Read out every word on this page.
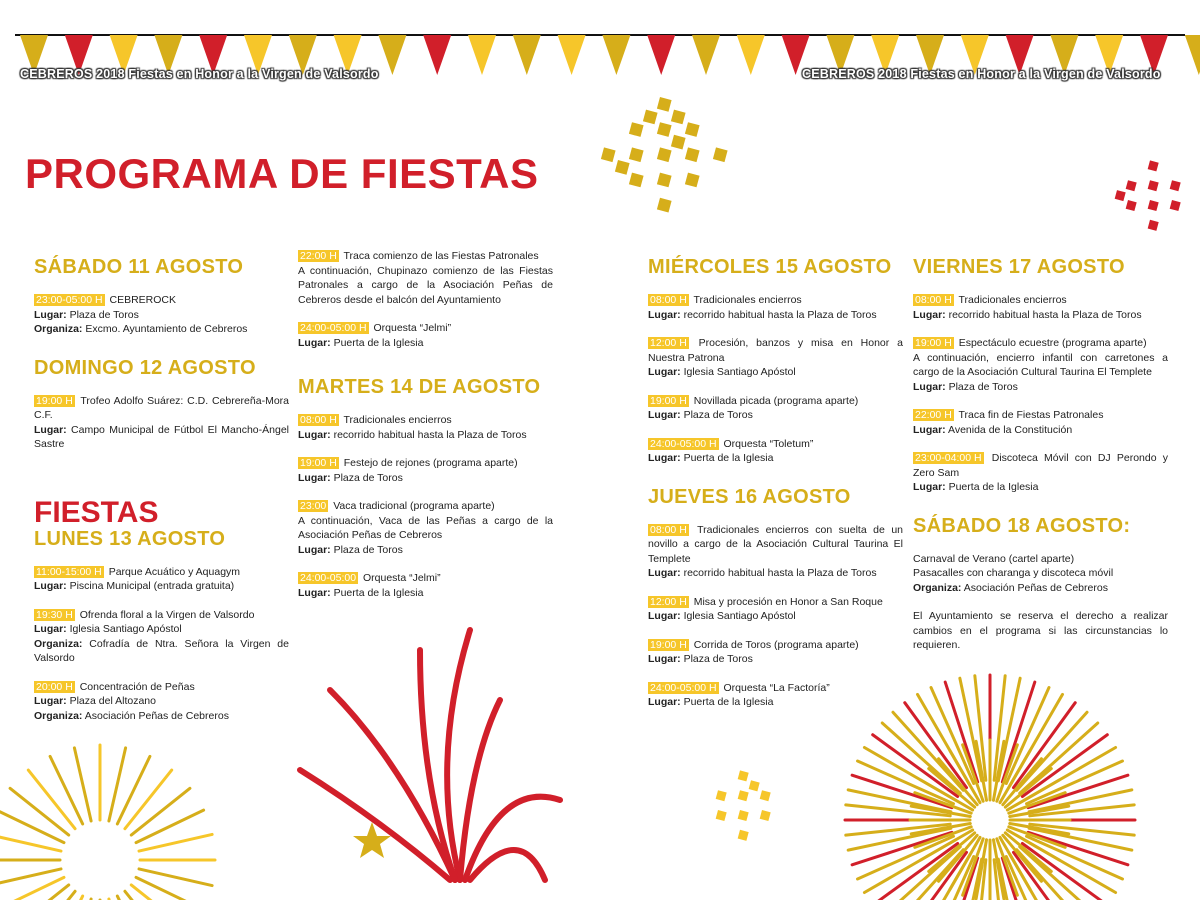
CEBREROS 2018 Fiestas en Honor a la Virgen de Valsordo	CEBREROS 2018 Fiestas en Honor a la Virgen de Valsordo
PROGRAMA DE FIESTAS
SÁBADO 11 AGOSTO
23:00-05:00 H CEBREROCK
Lugar: Plaza de Toros
Organiza: Excmo. Ayuntamiento de Cebreros
DOMINGO 12 AGOSTO
19:00 H Trofeo Adolfo Suárez: C.D. Cebrereña-Mora C.F.
Lugar: Campo Municipal de Fútbol El Mancho-Ángel Sastre
FIESTAS
LUNES 13 AGOSTO
11:00-15:00 H Parque Acuático y Aquagym
Lugar: Piscina Municipal (entrada gratuita)
19:30 H Ofrenda floral a la Virgen de Valsordo
Lugar: Iglesia Santiago Apóstol
Organiza: Cofradía de Ntra. Señora la Virgen de Valsordo
20:00 H Concentración de Peñas
Lugar: Plaza del Altozano
Organiza: Asociación Peñas de Cebreros
22:00 H Traca comienzo de las Fiestas Patronales
A continuación, Chupinazo comienzo de las Fiestas Patronales a cargo de la Asociación Peñas de Cebreros desde el balcón del Ayuntamiento
24:00-05:00 H Orquesta “Jelmi”
Lugar: Puerta de la Iglesia
MARTES 14 DE AGOSTO
08:00 H Tradicionales encierros
Lugar: recorrido habitual hasta la Plaza de Toros
19:00 H Festejo de rejones (programa aparte)
Lugar: Plaza de Toros
23:00 Vaca tradicional (programa aparte)
A continuación, Vaca de las Peñas a cargo de la Asociación Peñas de Cebreros
Lugar: Plaza de Toros
24:00-05:00 Orquesta “Jelmi”
Lugar: Puerta de la Iglesia
MIÉRCOLES 15 AGOSTO
08:00 H Tradicionales encierros
Lugar: recorrido habitual hasta la Plaza de Toros
12:00 H Procesión, banzos y misa en Honor a Nuestra Patrona
Lugar: Iglesia Santiago Apóstol
19:00 H Novillada picada (programa aparte)
Lugar: Plaza de Toros
24:00-05:00 H Orquesta “Toletum”
Lugar: Puerta de la Iglesia
JUEVES 16 AGOSTO
08:00 H Tradicionales encierros con suelta de un novillo a cargo de la Asociación Cultural Taurina El Templete
Lugar: recorrido habitual hasta la Plaza de Toros
12:00 H Misa y procesión en Honor a San Roque
Lugar: Iglesia Santiago Apóstol
19:00 H Corrida de Toros (programa aparte)
Lugar: Plaza de Toros
24:00-05:00 H Orquesta “La Factoría”
Lugar: Puerta de la Iglesia
VIERNES 17 AGOSTO
08:00 H Tradicionales encierros
Lugar: recorrido habitual hasta la Plaza de Toros
19:00 H Espectáculo ecuestre (programa aparte)
A continuación, encierro infantil con carretones a cargo de la Asociación Cultural Taurina El Templete
Lugar: Plaza de Toros
22:00 H Traca fin de Fiestas Patronales
Lugar: Avenida de la Constitución
23:00-04:00 H Discoteca Móvil con DJ Perondo y Zero Sam
Lugar: Puerta de la Iglesia
SÁBADO 18 AGOSTO:
Carnaval de Verano (cartel aparte)
Pasacalles con charanga y discoteca móvil
Organiza: Asociación Peñas de Cebreros
El Ayuntamiento se reserva el derecho a realizar cambios en el programa si las circunstancias lo requieren.
